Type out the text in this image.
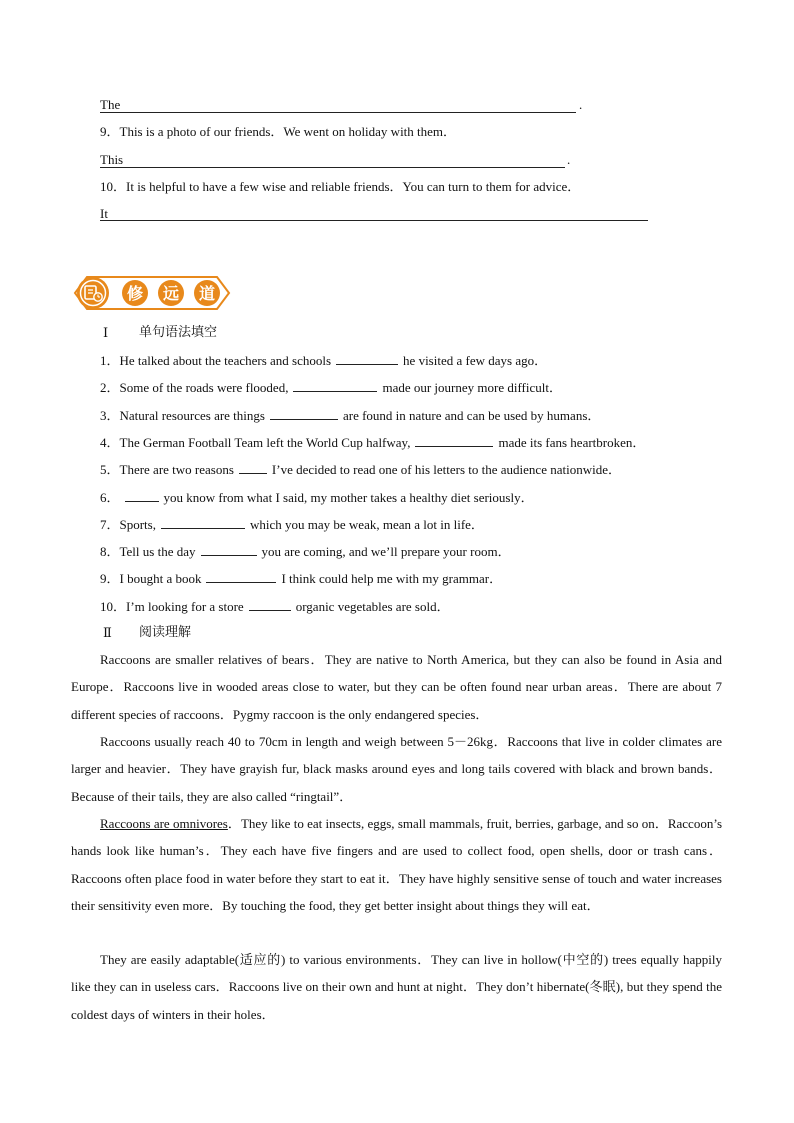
The	.
9．This is a photo of our friends．We went on holiday with them．
This	.
10．It is helpful to have a few wise and reliable friends．You can turn to them for advice．
It
修 远 道
Ⅰ 单句语法填空
1．He talked about the teachers and schools	he visited a few days ago．
2．Some of the roads were flooded,	made our journey more difficult．
3．Natural resources are things	are found in nature and can be used by humans．
4．The German Football Team left the World Cup halfway,	made its fans heartbroken．
5．There are two reasons	I’ve decided to read one of his letters to the audience nationwide．
6．	you know from what I said, my mother takes a healthy diet seriously．
7．Sports,	which you may be weak, mean a lot in life．
8．Tell us the day	you are coming, and we’ll prepare your room．
9．I bought a book	I think could help me with my grammar．
10．I’m looking for a store	organic vegetables are sold．
Ⅱ 阅读理解
Raccoons are smaller relatives of bears．They are native to North America, but they can also be found in Asia and Europe．Raccoons live in wooded areas close to water, but they can be often found near urban areas．There are about 7 different species of raccoons．Pygmy raccoon is the only endangered species．
Raccoons usually reach 40 to 70cm in length and weigh between 5－26kg．Raccoons that live in colder climates are larger and heavier．They have grayish fur, black masks around eyes and long tails covered with black and brown bands．Because of their tails, they are also called “ringtail”．
Raccoons are omnivores．They like to eat insects, eggs, small mammals, fruit, berries, garbage, and so on．Raccoon’s hands look like human’s．They each have five fingers and are used to collect food, open shells, door or trash cans．Raccoons often place food in water before they start to eat it．They have highly sensitive sense of touch and water increases their sensitivity even more．By touching the food, they get better insight about things they will eat．
They are easily adaptable(适应的) to various environments．They can live in hollow(中空的) trees equally happily like they can in useless cars．Raccoons live on their own and hunt at night．They don’t hibernate(冬眠), but they spend the coldest days of winters in their holes．
